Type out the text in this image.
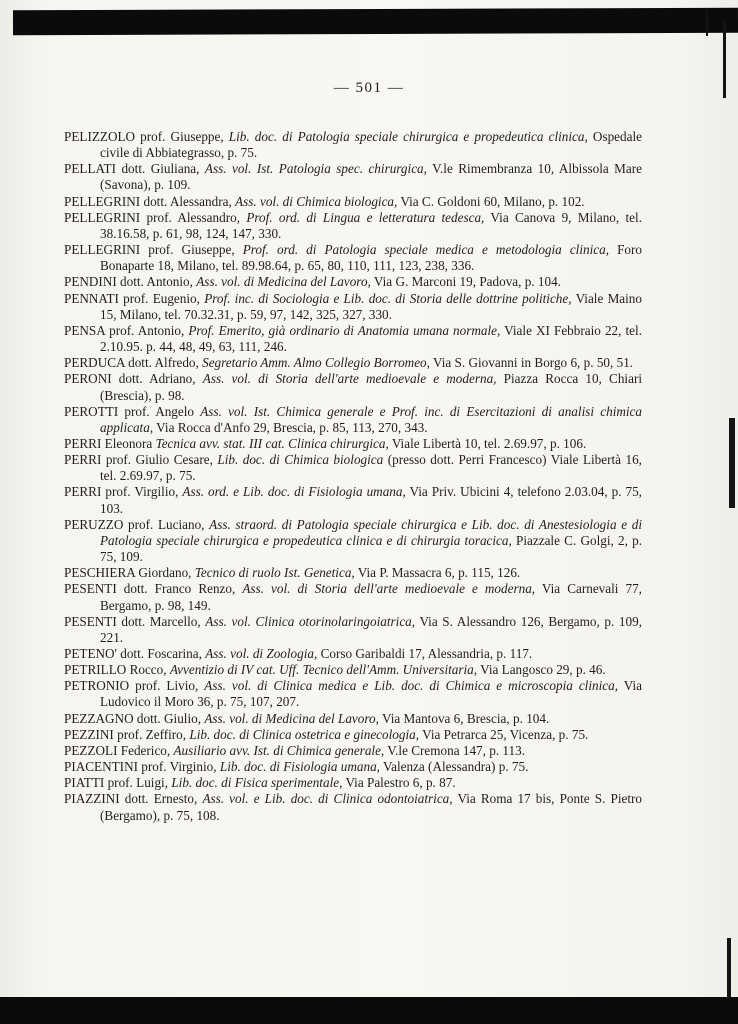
— 501 —

PELIZZOLO prof. Giuseppe, Lib. doc. di Patologia speciale chirurgica e propedeutica clinica, Ospedale civile di Abbiategrasso, p. 75.

PELLATI dott. Giuliana, Ass. vol. Ist. Patologia spec. chirurgica, V.le Rimembranza 10, Albissola Mare (Savona), p. 109.

PELLEGRINI dott. Alessandra, Ass. vol. di Chimica biologica, Via C. Goldoni 60, Milano, p. 102.

PELLEGRINI prof. Alessandro, Prof. ord. di Lingua e letteratura tedesca, Via Canova 9, Milano, tel. 38.16.58, p. 61, 98, 124, 147, 330.

PELLEGRINI prof. Giuseppe, Prof. ord. di Patologia speciale medica e metodologia clinica, Foro Bonaparte 18, Milano, tel. 89.98.64, p. 65, 80, 110, 111, 123, 238, 336.

PENDINI dott. Antonio, Ass. vol. di Medicina del Lavoro, Via G. Marconi 19, Padova, p. 104.

PENNATI prof. Eugenio, Prof. inc. di Sociologia e Lib. doc. di Storia delle dottrine politiche, Viale Maino 15, Milano, tel. 70.32.31, p. 59, 97, 142, 325, 327, 330.

PENSA prof. Antonio, Prof. Emerito, già ordinario di Anatomia umana normale, Viale XI Febbraio 22, tel. 2.10.95. p. 44, 48, 49, 63, 111, 246.

PERDUCA dott. Alfredo, Segretario Amm. Almo Collegio Borromeo, Via S. Giovanni in Borgo 6, p. 50, 51.

PERONI dott. Adriano, Ass. vol. di Storia dell'arte medioevale e moderna, Piazza Rocca 10, Chiari (Brescia), p. 98.

PEROTTI prof. Angelo Ass. vol. Ist. Chimica generale e Prof. inc. di Esercitazioni di analisi chimica applicata, Via Rocca d'Anfo 29, Brescia, p. 85, 113, 270, 343.

PERRI Eleonora Tecnica avv. stat. III cat. Clinica chirurgica, Viale Libertà 10, tel. 2.69.97, p. 106.

PERRI prof. Giulio Cesare, Lib. doc. di Chimica biologica (presso dott. Perri Francesco) Viale Libertà 16, tel. 2.69.97, p. 75.

PERRI prof. Virgilio, Ass. ord. e Lib. doc. di Fisiologia umana, Via Priv. Ubicini 4, telefono 2.03.04, p. 75, 103.

PERUZZO prof. Luciano, Ass. straord. di Patologia speciale chirurgica e Lib. doc. di Anestesiologia e di Patologia speciale chirurgica e propedeutica clinica e di chirurgia toracica, Piazzale C. Golgi, 2, p. 75, 109.

PESCHIERA Giordano, Tecnico di ruolo Ist. Genetica, Via P. Massacra 6, p. 115, 126.

PESENTI dott. Franco Renzo, Ass. vol. di Storia dell'arte medioevale e moderna, Via Carnevali 77, Bergamo, p. 98, 149.

PESENTI dott. Marcello, Ass. vol. Clinica otorinolaringoiatrica, Via S. Alessandro 126, Bergamo, p. 109, 221.

PETENO' dott. Foscarina, Ass. vol. di Zoologia, Corso Garibaldi 17, Alessandria, p. 117.

PETRILLO Rocco, Avventizio di IV cat. Uff. Tecnico dell'Amm. Universitaria, Via Langosco 29, p. 46.

PETRONIO prof. Livio, Ass. vol. di Clinica medica e Lib. doc. di Chimica e microscopia clinica, Via Ludovico il Moro 36, p. 75, 107, 207.

PEZZAGNO dott. Giulio, Ass. vol. di Medicina del Lavoro, Via Mantova 6, Brescia, p. 104.

PEZZINI prof. Zeffiro, Lib. doc. di Clinica ostetrica e ginecologia, Via Petrarca 25, Vicenza, p. 75.

PEZZOLI Federico, Ausiliario avv. Ist. di Chimica generale, V.le Cremona 147, p. 113.

PIACENTINI prof. Virginio, Lib. doc. di Fisiologia umana, Valenza (Alessandra) p. 75.

PIATTI prof. Luigi, Lib. doc. di Fisica sperimentale, Via Palestro 6, p. 87.

PIAZZINI dott. Ernesto, Ass. vol. e Lib. doc. di Clinica odontoiatrica, Via Roma 17 bis, Ponte S. Pietro (Bergamo), p. 75, 108.
